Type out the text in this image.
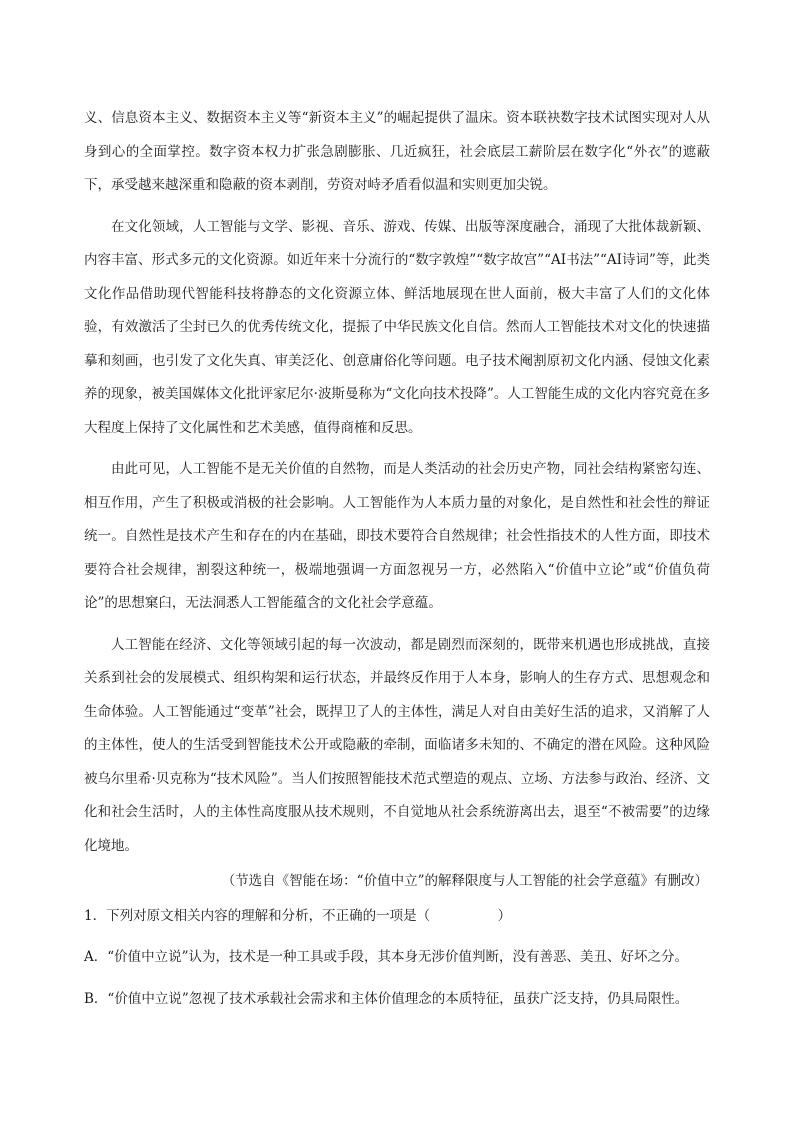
义、信息资本主义、数据资本主义等“新资本主义”的崛起提供了温床。资本联袂数字技术试图实现对人从身到心的全面掌控。数字资本权力扩张急剧膨胀、几近疯狂，社会底层工薪阶层在数字化“外衣”的遮蔽下，承受越来越深重和隐蔽的资本剥削，劳资对峙矛盾看似温和实则更加尖锐。

在文化领域，人工智能与文学、影视、音乐、游戏、传媒、出版等深度融合，涌现了大批体裁新颖、内容丰富、形式多元的文化资源。如近年来十分流行的“数字敦煌”“数字故宫”“AI书法”“AI诗词”等，此类文化作品借助现代智能科技将静态的文化资源立体、鲜活地展现在世人面前，极大丰富了人们的文化体验，有效激活了尘封已久的优秀传统文化，提振了中华民族文化自信。然而人工智能技术对文化的快速描摹和刻画，也引发了文化失真、审美泛化、创意庸俗化等问题。电子技术阉割原初文化内涵、侵蚀文化素养的现象，被美国媒体文化批评家尼尔·波斯曼称为“文化向技术投降”。人工智能生成的文化内容究竟在多大程度上保持了文化属性和艺术美感，值得商榷和反思。

由此可见，人工智能不是无关价值的自然物，而是人类活动的社会历史产物，同社会结构紧密勾连、相互作用，产生了积极或消极的社会影响。人工智能作为人本质力量的对象化，是自然性和社会性的辩证统一。自然性是技术产生和存在的内在基础，即技术要符合自然规律；社会性指技术的人性方面，即技术要符合社会规律，割裂这种统一，极端地强调一方面忽视另一方，必然陷入“价值中立论”或“价值负荷论”的思想窠臼，无法洞悉人工智能蕴含的文化社会学意蕴。

人工智能在经济、文化等领域引起的每一次波动，都是剧烈而深刻的，既带来机遇也形成挑战，直接关系到社会的发展模式、组织构架和运行状态，并最终反作用于人本身，影响人的生存方式、思想观念和生命体验。人工智能通过“变革”社会，既捍卫了人的主体性，满足人对自由美好生活的追求，又消解了人的主体性，使人的生活受到智能技术公开或隐蔽的牵制，面临诸多未知的、不确定的潜在风险。这种风险被乌尔里希·贝克称为“技术风险”。当人们按照智能技术范式塑造的观点、立场、方法参与政治、经济、文化和社会生活时，人的主体性高度服从技术规则，不自觉地从社会系统游离出去，退至“不被需要”的边缘化境地。

（节选自《智能在场：“价值中立”的解释限度与人工智能的社会学意蕴》有删改）

1．下列对原文相关内容的理解和分析，不正确的一项是（　　　　　）

A．“价值中立说”认为，技术是一种工具或手段，其本身无涉价值判断，没有善恶、美丑、好坏之分。

B．“价值中立说”忽视了技术承载社会需求和主体价值理念的本质特征，虽获广泛支持，仍具局限性。
